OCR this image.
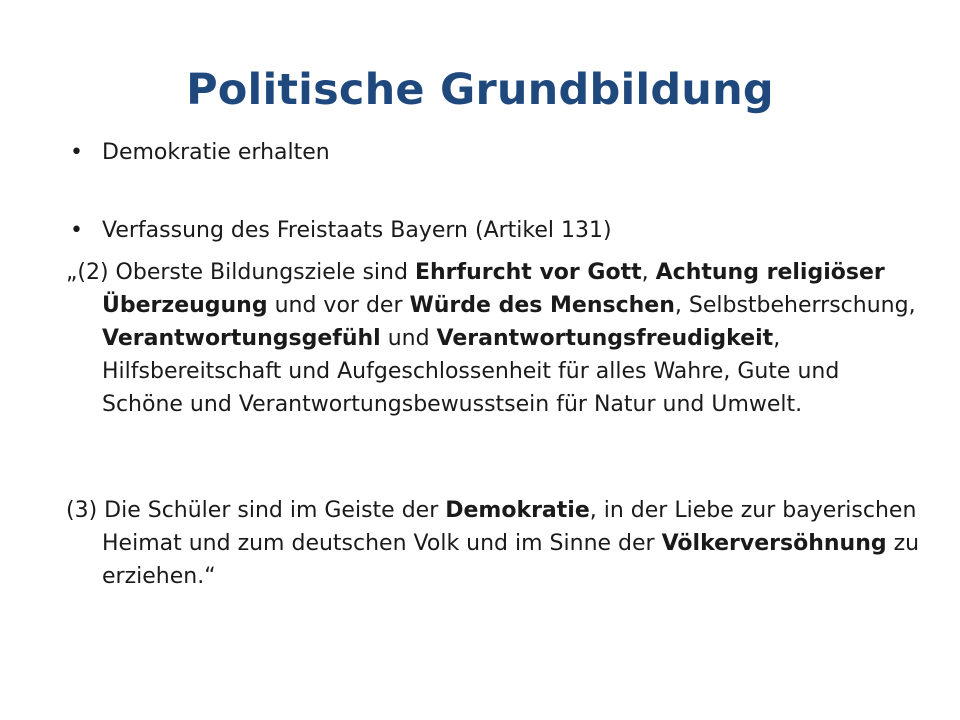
Politische Grundbildung
• Demokratie erhalten
• Verfassung des Freistaats Bayern (Artikel 131)

„(2) Oberste Bildungsziele sind Ehrfurcht vor Gott, Achtung religiöser Überzeugung und vor der Würde des Menschen, Selbstbeherrschung, Verantwortungsgefühl und Verantwortungsfreudigkeit, Hilfsbereitschaft und Aufgeschlossenheit für alles Wahre, Gute und Schöne und Verantwortungsbewusstsein für Natur und Umwelt.

(3) Die Schüler sind im Geiste der Demokratie, in der Liebe zur bayerischen Heimat und zum deutschen Volk und im Sinne der Völkerversöhnung zu erziehen.“
